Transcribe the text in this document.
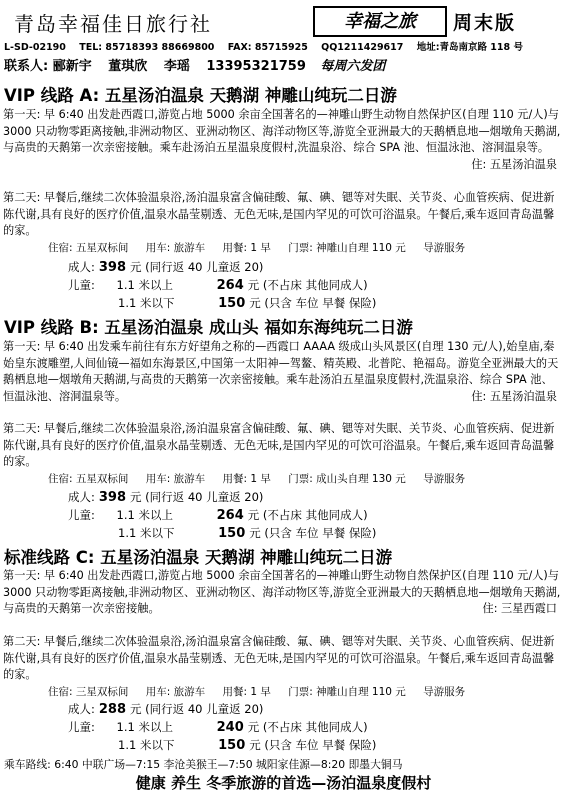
青岛幸福佳日旅行社	幸福之旅	周末版
L-SD-02190 TEL: 85718393 88669800 FAX: 85715925 QQ1211429617 地址:青岛南京路 118 号
联系人: 郦新宇 董琪欣 李瑶 13395321759 每周六发团
VIP 线路 A: 五星汤泊温泉 天鹅湖 神雕山纯玩二日游
第一天: 早 6:40 出发赴西霞口,游览占地 5000 余亩全国著名的—神雕山野生动物自然保护区(自理 110 元/人)与 3000 只动物零距离接触,非洲动物区、亚洲动物区、海洋动物区等,游览全亚洲最大的天鹅栖息地—烟墩角天鹅湖,与高贵的天鹅第一次亲密接触。乘车赴汤泊五星温泉度假村,洗温泉浴、综合 SPA 池、恒温泳池、溶洞温泉等。
住: 五星汤泊温泉
第二天: 早餐后,继续二次体验温泉浴,汤泊温泉富含偏硅酸、氟、碘、锶等对失眠、关节炎、心血管疾病、促进新陈代谢,具有良好的医疗价值,温泉水晶莹剔透、无色无味,是国内罕见的可饮可浴温泉。午餐后,乘车返回青岛温馨的家。
住宿: 五星双标间 用车: 旅游车 用餐: 1 早 门票: 神雕山自理 110 元 导游服务
成人: 398 元 (同行返 40 儿童返 20)
儿童: 1.1 米以上	264 元 (不占床 其他同成人)
1.1 米以下	150 元 (只含 车位 早餐 保险)
VIP 线路 B: 五星汤泊温泉 成山头 福如东海纯玩二日游
第一天: 早 6:40 出发乘车前往有东方好望角之称的—西霞口 AAAA 级成山头风景区(自理 130 元/人),始皇庙,秦始皇东渡雕塑,人间仙镜—福如东海景区,中国第一太阳神—驾鳌、精英殿、北普陀、艳福岛。游览全亚洲最大的天鹅栖息地—烟墩角天鹅湖,与高贵的天鹅第一次亲密接触。乘车赴汤泊五星温泉度假村,洗温泉浴、综合 SPA 池、恒温泳池、溶洞温泉等。	住: 五星汤泊温泉
第二天: 早餐后,继续二次体验温泉浴,汤泊温泉富含偏硅酸、氟、碘、锶等对失眠、关节炎、心血管疾病、促进新陈代谢,具有良好的医疗价值,温泉水晶莹剔透、无色无味,是国内罕见的可饮可浴温泉。午餐后,乘车返回青岛温馨的家。
住宿: 五星双标间 用车: 旅游车 用餐: 1 早 门票: 成山头自理 130 元 导游服务
成人: 398 元 (同行返 40 儿童返 20)
儿童: 1.1 米以上	264 元 (不占床 其他同成人)
1.1 米以下	150 元 (只含 车位 早餐 保险)
标准线路 C: 五星汤泊温泉 天鹅湖 神雕山纯玩二日游
第一天: 早 6:40 出发赴西霞口,游览占地 5000 余亩全国著名的—神雕山野生动物自然保护区(自理 110 元/人)与 3000 只动物零距离接触,非洲动物区、亚洲动物区、海洋动物区等,游览全亚洲最大的天鹅栖息地—烟墩角天鹅湖,与高贵的天鹅第一次亲密接触。	住: 三星西霞口
第二天: 早餐后,继续二次体验温泉浴,汤泊温泉富含偏硅酸、氟、碘、锶等对失眠、关节炎、心血管疾病、促进新陈代谢,具有良好的医疗价值,温泉水晶莹剔透、无色无味,是国内罕见的可饮可浴温泉。午餐后,乘车返回青岛温馨的家。
住宿: 三星双标间 用车: 旅游车 用餐: 1 早 门票: 神雕山自理 110 元 导游服务
成人: 288 元 (同行返 40 儿童返 20)
儿童: 1.1 米以上	240 元 (不占床 其他同成人)
1.1 米以下	150 元 (只含 车位 早餐 保险)
乘车路线: 6:40 中联广场—7:15 李沧美猴王—7:50 城阳家佳源—8:20 即墨大铜马
健康 养生 冬季旅游的首选—汤泊温泉度假村
